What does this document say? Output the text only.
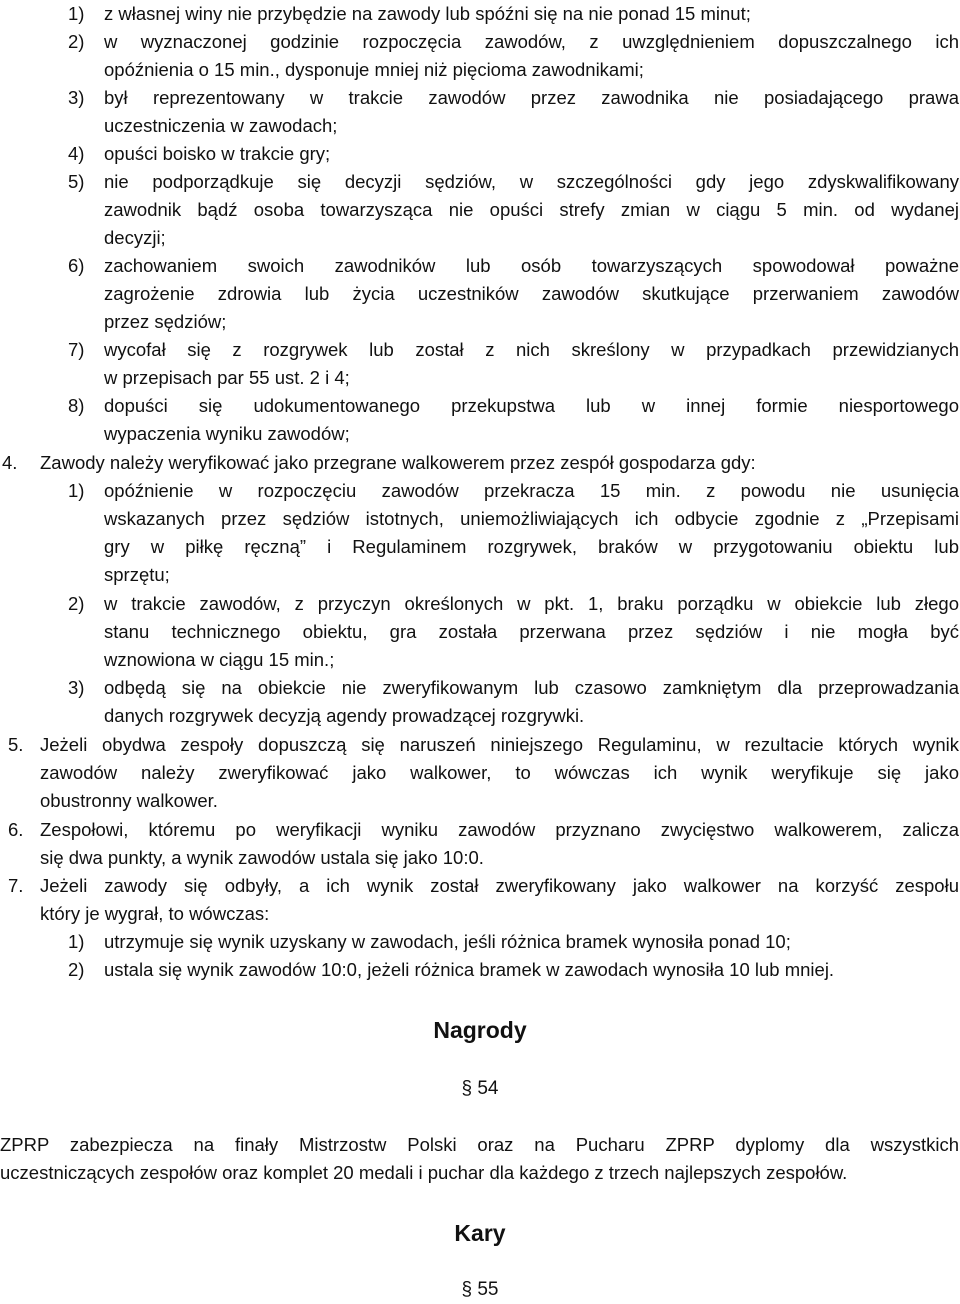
1) z własnej winy nie przybędzie na zawody lub spóźni się na nie ponad 15 minut;
2) w wyznaczonej godzinie rozpoczęcia zawodów, z uwzględnieniem dopuszczalnego ich
opóźnienia o 15 min., dysponuje mniej niż pięcioma zawodnikami;
3) był reprezentowany w trakcie zawodów przez zawodnika nie posiadającego prawa
uczestniczenia w zawodach;
4) opuści boisko w trakcie gry;
5) nie podporządkuje się decyzji sędziów, w szczególności gdy jego zdyskwalifikowany
zawodnik bądź osoba towarzysząca nie opuści strefy zmian w ciągu 5 min. od wydanej
decyzji;
6) zachowaniem swoich zawodników lub osób towarzyszących spowodował poważne
zagrożenie zdrowia lub życia uczestników zawodów skutkujące przerwaniem zawodów
przez sędziów;
7) wycofał się z rozgrywek lub został z nich skreślony w przypadkach przewidzianych
w przepisach par 55 ust. 2 i 4;
8) dopuści się udokumentowanego przekupstwa lub w innej formie niesportowego
wypaczenia wyniku zawodów;
4. Zawody należy weryfikować jako przegrane walkowerem przez zespół gospodarza gdy:
1) opóźnienie w rozpoczęciu zawodów przekracza 15 min. z powodu nie usunięcia
wskazanych przez sędziów istotnych, uniemożliwiających ich odbycie zgodnie z „Przepisami
gry w piłkę ręczną” i Regulaminem rozgrywek, braków w przygotowaniu obiektu lub
sprzętu;
2) w trakcie zawodów, z przyczyn określonych w pkt. 1, braku porządku w obiekcie lub złego
stanu technicznego obiektu, gra została przerwana przez sędziów i nie mogła być
wznowiona w ciągu 15 min.;
3) odbędą się na obiekcie nie zweryfikowanym lub czasowo zamkniętym dla przeprowadzania
danych rozgrywek decyzją agendy prowadzącej rozgrywki.
5. Jeżeli obydwa zespoły dopuszczą się naruszeń niniejszego Regulaminu, w rezultacie których wynik
zawodów należy zweryfikować jako walkower, to wówczas ich wynik weryfikuje się jako
obustronny walkower.
6. Zespołowi, któremu po weryfikacji wyniku zawodów przyznano zwycięstwo walkowerem, zalicza
się dwa punkty, a wynik zawodów ustala się jako 10:0.
7. Jeżeli zawody się odbyły, a ich wynik został zweryfikowany jako walkower na korzyść zespołu
który je wygrał, to wówczas:
1) utrzymuje się wynik uzyskany w zawodach, jeśli różnica bramek wynosiła ponad 10;
2) ustala się wynik zawodów 10:0, jeżeli różnica bramek w zawodach wynosiła 10 lub mniej.
Nagrody
§ 54
ZPRP zabezpiecza na finały Mistrzostw Polski oraz na Pucharu ZPRP dyplomy dla wszystkich
uczestniczących zespołów oraz komplet 20 medali i puchar dla każdego z trzech najlepszych zespołów.
Kary
§ 55
